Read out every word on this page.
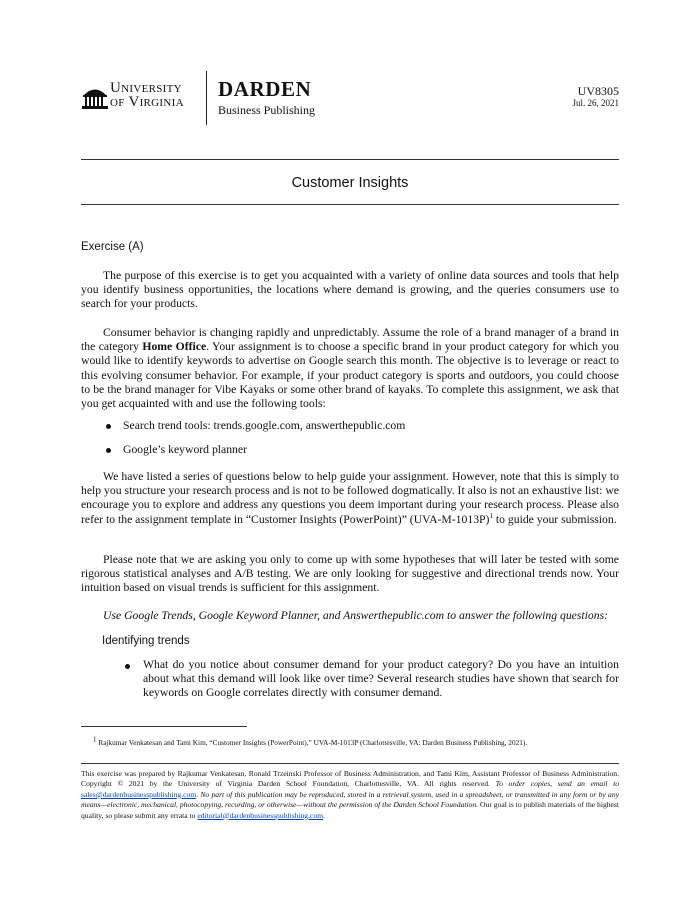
University
of Virginia
DARDEN
Business Publishing
UV8305
Jul. 26, 2021
Customer Insights
Exercise (A)
The purpose of this exercise is to get you acquainted with a variety of online data sources and tools that help you identify business opportunities, the locations where demand is growing, and the queries consumers use to search for your products.
Consumer behavior is changing rapidly and unpredictably. Assume the role of a brand manager of a brand in the category Home Office. Your assignment is to choose a specific brand in your product category for which you would like to identify keywords to advertise on Google search this month. The objective is to leverage or react to this evolving consumer behavior. For example, if your product category is sports and outdoors, you could choose to be the brand manager for Vibe Kayaks or some other brand of kayaks. To complete this assignment, we ask that you get acquainted with and use the following tools:
Search trend tools: trends.google.com, answerthepublic.com
Google’s keyword planner
We have listed a series of questions below to help guide your assignment. However, note that this is simply to help you structure your research process and is not to be followed dogmatically. It also is not an exhaustive list: we encourage you to explore and address any questions you deem important during your research process. Please also refer to the assignment template in “Customer Insights (PowerPoint)” $(UVA-M-1013P)^1$ to guide your submission.
Please note that we are asking you only to come up with some hypotheses that will later be tested with some rigorous statistical analyses and A/B testing. We are only looking for suggestive and directional trends now. Your intuition based on visual trends is sufficient for this assignment.
Use Google Trends, Google Keyword Planner, and Answerthepublic.com to answer the following questions:
Identifying trends
What do you notice about consumer demand for your product category? Do you have an intuition about what this demand will look like over time? Several research studies have shown that search for keywords on Google correlates directly with consumer demand.
$^1$ Rajkumar Venkatesan and Tami Kim, “Customer Insights (PowerPoint),” UVA-M-1013P (Charlottesville, VA: Darden Business Publishing, 2021).
This exercise was prepared by Rajkumar Venkatesan, Ronald Trzeinski Professor of Business Administration, and Tami Kim, Assistant Professor of Business Administration. Copyright © 2021 by the University of Virginia Darden School Foundation, Charlottesville, VA. All rights reserved. To order copies, send an email to sales@dardenbusinesspublishing.com. No part of this publication may be reproduced, stored in a retrieval system, used in a spreadsheet, or transmitted in any form or by any means—electronic, mechanical, photocopying, recording, or otherwise—without the permission of the Darden School Foundation. Our goal is to publish materials of the highest quality, so please submit any errata to editorial@dardenbusinesspublishing.com.
